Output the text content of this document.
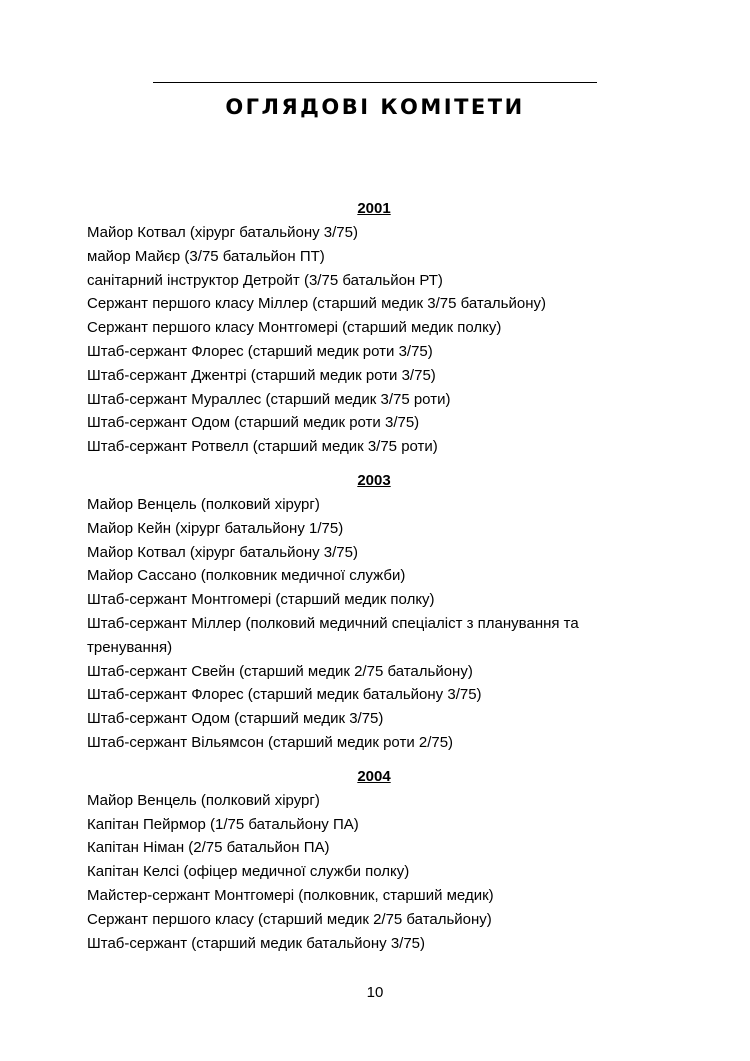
ОГЛЯДОВІ КОМІТЕТИ
2001
Майор Котвал (хірург батальйону 3/75)
майор Майєр (3/75 батальйон ПТ)
санітарний інструктор Детройт (3/75 батальйон РТ)
Сержант першого класу Міллер (старший медик 3/75 батальйону)
Сержант першого класу Монтгомері (старший медик полку)
Штаб-сержант Флорес (старший медик роти 3/75)
Штаб-сержант Джентрі (старший медик роти 3/75)
Штаб-сержант Мураллес (старший медик 3/75 роти)
Штаб-сержант Одом (старший медик роти 3/75)
Штаб-сержант Ротвелл (старший медик 3/75 роти)
2003
Майор Венцель (полковий хірург)
Майор Кейн (хірург батальйону 1/75)
Майор Котвал (хірург батальйону 3/75)
Майор Сассано (полковник медичної служби)
Штаб-сержант Монтгомері (старший медик полку)
Штаб-сержант Міллер (полковий медичний спеціаліст з планування та тренування)
Штаб-сержант Свейн (старший медик 2/75 батальйону)
Штаб-сержант Флорес (старший медик батальйону 3/75)
Штаб-сержант Одом (старший медик 3/75)
Штаб-сержант Вільямсон (старший медик роти 2/75)
2004
Майор Венцель (полковий хірург)
Капітан Пейрмор (1/75 батальйону ПА)
Капітан Німан (2/75 батальйон ПА)
Капітан Келсі (офіцер медичної служби полку)
Майстер-сержант Монтгомері (полковник, старший медик)
Сержант першого класу (старший медик 2/75 батальйону)
Штаб-сержант (старший медик батальйону 3/75)
10
